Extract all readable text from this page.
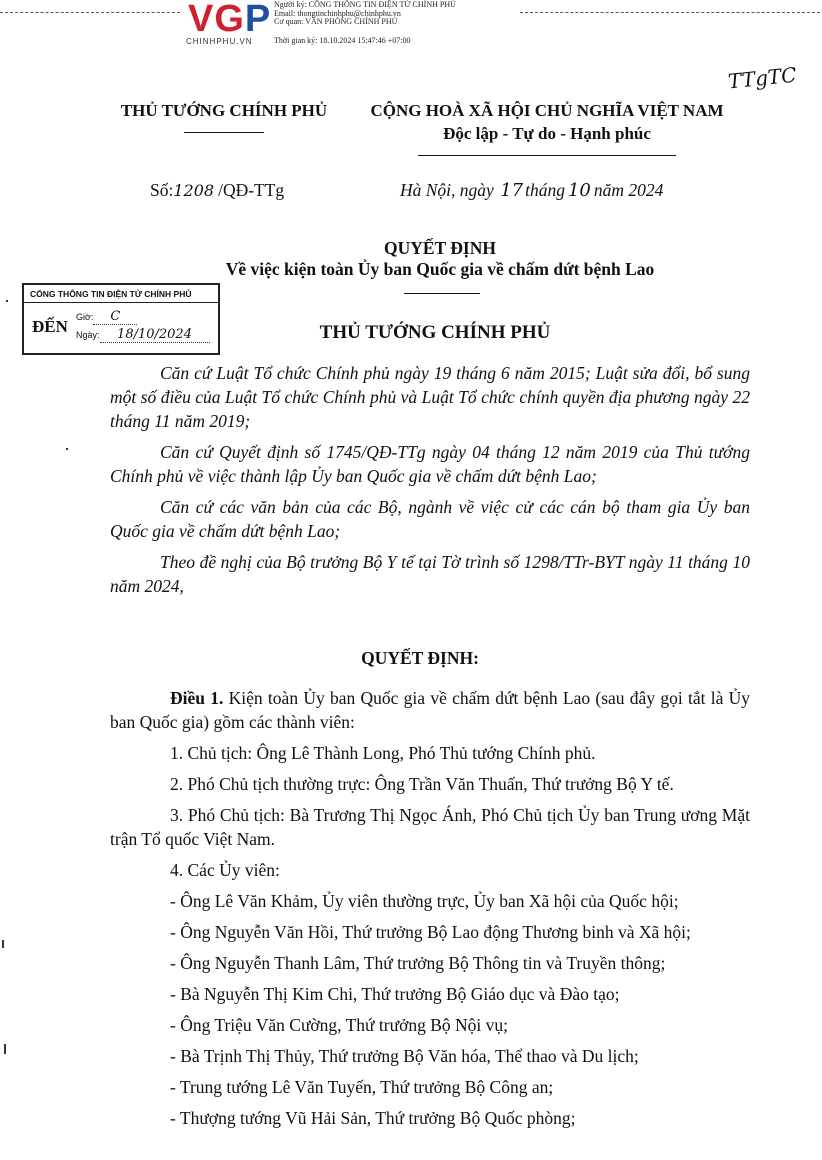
VGP
CHINHPHU.VN
Người ký: CÔNG THÔNG TIN ĐIỆN TỬ CHÍNH PHỦ
Email: thongtinchinhphu@chinhphu.vn
Cơ quan: VĂN PHÒNG CHÍNH PHỦ
Thời gian ký: 18.10.2024 15:47:46 +07:00
TTgTC
THỦ TƯỚNG CHÍNH PHỦ	CỘNG HOÀ XÃ HỘI CHỦ NGHĨA VIỆT NAM
Độc lập - Tự do - Hạnh phúc
Số:1208 /QĐ-TTg	Hà Nội, ngày 17 tháng 10 năm 2024
QUYẾT ĐỊNH
Về việc kiện toàn Ủy ban Quốc gia về chấm dứt bệnh Lao
CỔNG THÔNG TIN ĐIỆN TỬ CHÍNH PHỦ
ĐẾN Giờ: C
Ngày: 18/10/2024	THỦ TƯỚNG CHÍNH PHỦ

Căn cứ Luật Tổ chức Chính phủ ngày 19 tháng 6 năm 2015; Luật sửa đổi, bổ sung một số điều của Luật Tổ chức Chính phủ và Luật Tổ chức chính quyền địa phương ngày 22 tháng 11 năm 2019;

Căn cứ Quyết định số 1745/QĐ-TTg ngày 04 tháng 12 năm 2019 của Thủ tướng Chính phủ về việc thành lập Ủy ban Quốc gia về chấm dứt bệnh Lao;

Căn cứ các văn bản của các Bộ, ngành về việc cử các cán bộ tham gia Ủy ban Quốc gia về chấm dứt bệnh Lao;

Theo đề nghị của Bộ trưởng Bộ Y tế tại Tờ trình số 1298/TTr-BYT ngày 11 tháng 10 năm 2024,

QUYẾT ĐỊNH:

Điều 1. Kiện toàn Ủy ban Quốc gia về chấm dứt bệnh Lao (sau đây gọi tắt là Ủy ban Quốc gia) gồm các thành viên:

1. Chủ tịch: Ông Lê Thành Long, Phó Thủ tướng Chính phủ.

2. Phó Chủ tịch thường trực: Ông Trần Văn Thuấn, Thứ trưởng Bộ Y tế.

3. Phó Chủ tịch: Bà Trương Thị Ngọc Ánh, Phó Chủ tịch Ủy ban Trung ương Mặt trận Tổ quốc Việt Nam.

4. Các Ủy viên:

- Ông Lê Văn Khảm, Ủy viên thường trực, Ủy ban Xã hội của Quốc hội;

- Ông Nguyễn Văn Hồi, Thứ trưởng Bộ Lao động Thương binh và Xã hội;

- Ông Nguyễn Thanh Lâm, Thứ trưởng Bộ Thông tin và Truyền thông;

- Bà Nguyễn Thị Kim Chi, Thứ trưởng Bộ Giáo dục và Đào tạo;

- Ông Triệu Văn Cường, Thứ trưởng Bộ Nội vụ;

- Bà Trịnh Thị Thủy, Thứ trưởng Bộ Văn hóa, Thể thao và Du lịch;

- Trung tướng Lê Văn Tuyến, Thứ trưởng Bộ Công an;

- Thượng tướng Vũ Hải Sản, Thứ trưởng Bộ Quốc phòng;
